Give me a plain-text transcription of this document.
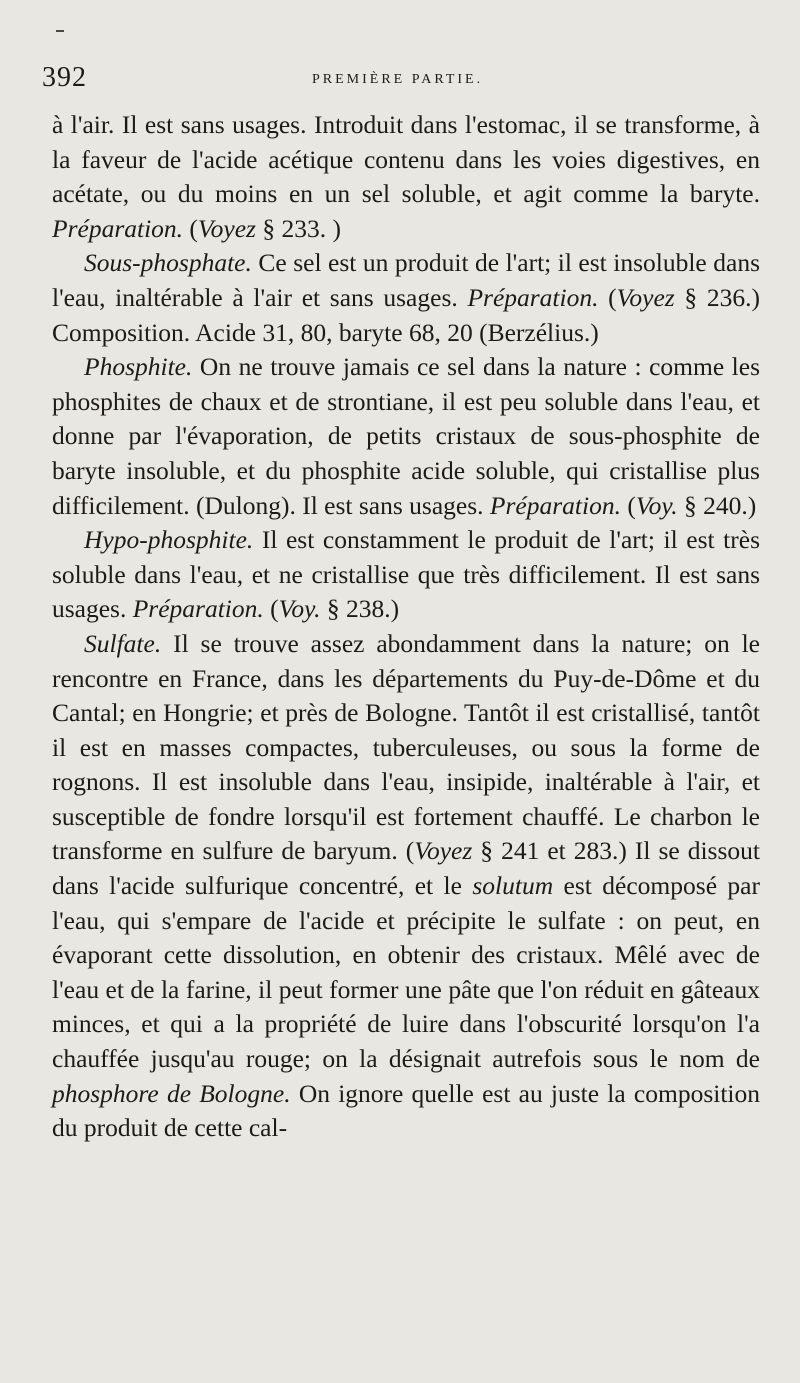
392	PREMIÈRE PARTIE.

à l'air. Il est sans usages. Introduit dans l'estomac, il se transforme, à la faveur de l'acide acétique contenu dans les voies digestives, en acétate, ou du moins en un sel soluble, et agit comme la baryte. Préparation. (Voyez § 233. )

Sous-phosphate. Ce sel est un produit de l'art; il est insoluble dans l'eau, inaltérable à l'air et sans usages. Préparation. (Voyez § 236.) Composition. Acide 31, 80, baryte 68, 20 (Berzélius.)

Phosphite. On ne trouve jamais ce sel dans la nature : comme les phosphites de chaux et de strontiane, il est peu soluble dans l'eau, et donne par l'évaporation, de petits cristaux de sous-phosphite de baryte insoluble, et du phosphite acide soluble, qui cristallise plus difficilement. (Dulong). Il est sans usages. Préparation. (Voy. § 240.)

Hypo-phosphite. Il est constamment le produit de l'art; il est très soluble dans l'eau, et ne cristallise que très difficilement. Il est sans usages. Préparation. (Voy. § 238.)

Sulfate. Il se trouve assez abondamment dans la nature; on le rencontre en France, dans les départements du Puy-de-Dôme et du Cantal; en Hongrie; et près de Bologne. Tantôt il est cristallisé, tantôt il est en masses compactes, tuberculeuses, ou sous la forme de rognons. Il est insoluble dans l'eau, insipide, inaltérable à l'air, et susceptible de fondre lorsqu'il est fortement chauffé. Le charbon le transforme en sulfure de baryum. (Voyez § 241 et 283.) Il se dissout dans l'acide sulfurique concentré, et le solutum est décomposé par l'eau, qui s'empare de l'acide et précipite le sulfate : on peut, en évaporant cette dissolution, en obtenir des cristaux. Mêlé avec de l'eau et de la farine, il peut former une pâte que l'on réduit en gâteaux minces, et qui a la propriété de luire dans l'obscurité lorsqu'on l'a chauffée jusqu'au rouge; on la désignait autrefois sous le nom de phosphore de Bologne. On ignore quelle est au juste la composition du produit de cette cal-
